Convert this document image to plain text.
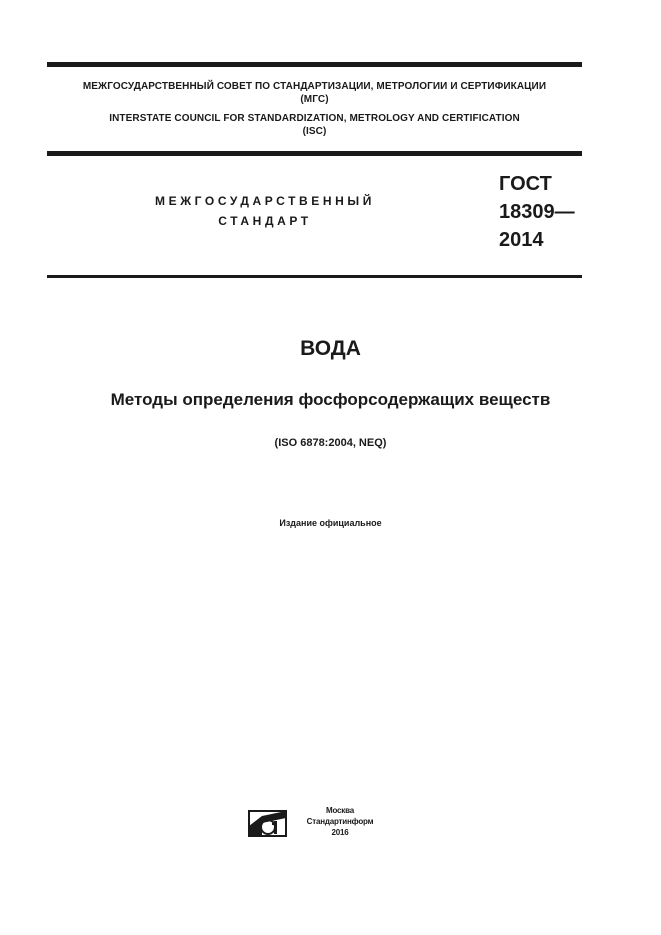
МЕЖГОСУДАРСТВЕННЫЙ СОВЕТ ПО СТАНДАРТИЗАЦИИ, МЕТРОЛОГИИ И СЕРТИФИКАЦИИ
(МГС)
INTERSTATE COUNCIL FOR STANDARDIZATION, METROLOGY AND CERTIFICATION
(ISC)
МЕЖГОСУДАРСТВЕННЫЙ
СТАНДАРТ
ГОСТ
18309—
2014
ВОДА
Методы определения фосфорсодержащих веществ
(ISO 6878:2004, NEQ)
Издание официальное
Москва
Стандартинформ
2016
